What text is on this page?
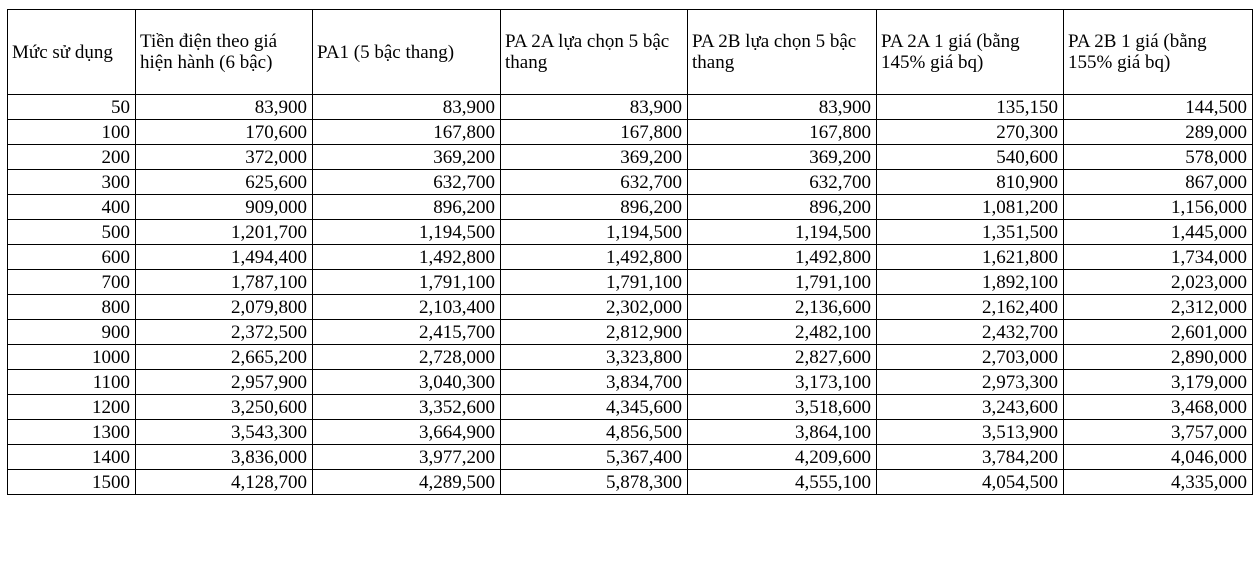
Mức sử dụng	Tiền điện theo giá hiện hành (6 bậc)	PA1 (5 bậc thang)	PA 2A lựa chọn 5 bậc thang	PA 2B lựa chọn 5 bậc thang	PA 2A 1 giá (bằng 145% giá bq)	PA 2B 1 giá (bằng 155% giá bq)
50	83,900	83,900	83,900	83,900	135,150	144,500
100	170,600	167,800	167,800	167,800	270,300	289,000
200	372,000	369,200	369,200	369,200	540,600	578,000
300	625,600	632,700	632,700	632,700	810,900	867,000
400	909,000	896,200	896,200	896,200	1,081,200	1,156,000
500	1,201,700	1,194,500	1,194,500	1,194,500	1,351,500	1,445,000
600	1,494,400	1,492,800	1,492,800	1,492,800	1,621,800	1,734,000
700	1,787,100	1,791,100	1,791,100	1,791,100	1,892,100	2,023,000
800	2,079,800	2,103,400	2,302,000	2,136,600	2,162,400	2,312,000
900	2,372,500	2,415,700	2,812,900	2,482,100	2,432,700	2,601,000
1000	2,665,200	2,728,000	3,323,800	2,827,600	2,703,000	2,890,000
1100	2,957,900	3,040,300	3,834,700	3,173,100	2,973,300	3,179,000
1200	3,250,600	3,352,600	4,345,600	3,518,600	3,243,600	3,468,000
1300	3,543,300	3,664,900	4,856,500	3,864,100	3,513,900	3,757,000
1400	3,836,000	3,977,200	5,367,400	4,209,600	3,784,200	4,046,000
1500	4,128,700	4,289,500	5,878,300	4,555,100	4,054,500	4,335,000
